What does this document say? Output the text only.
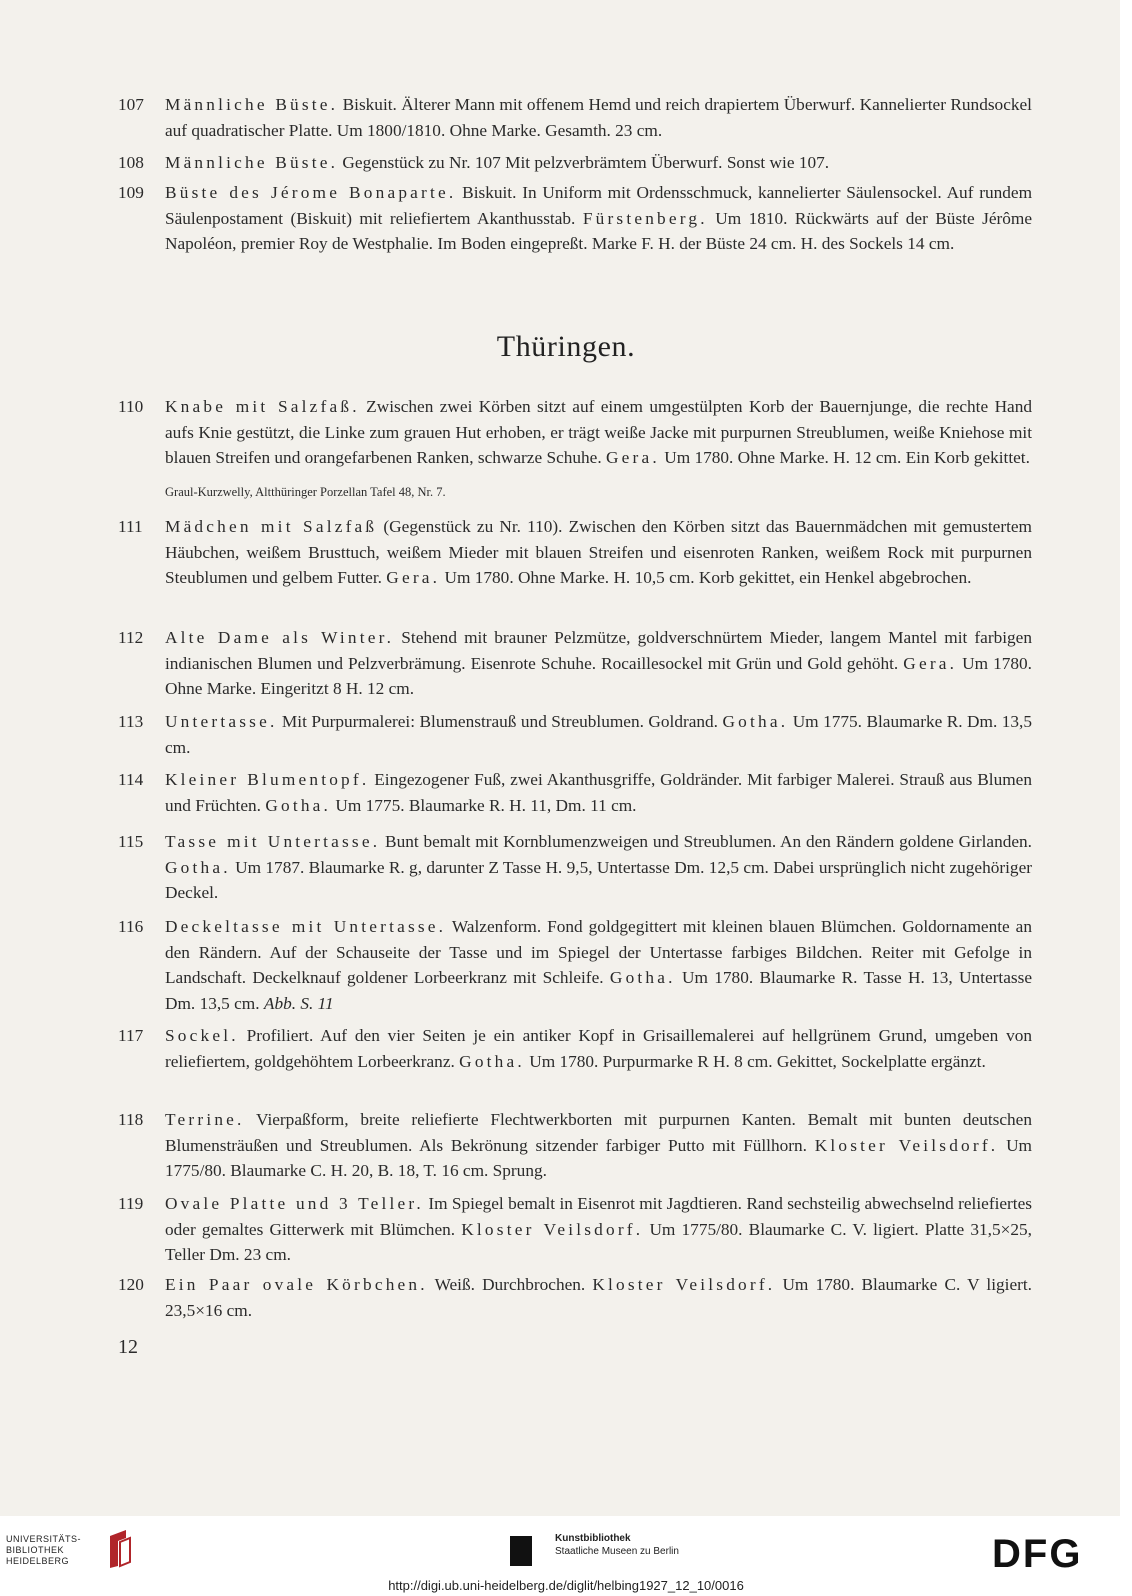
107 Männliche Büste. Biskuit. Älterer Mann mit offenem Hemd und reich drapiertem Überwurf. Kannelierter Rundsockel auf quadratischer Platte. Um 1800/1810. Ohne Marke. Gesamth. 23 cm.
108 Männliche Büste. Gegenstück zu Nr. 107 Mit pelzverbrämtem Überwurf. Sonst wie 107.
109 Büste des Jérome Bonaparte. Biskuit. In Uniform mit Ordensschmuck, kannelierter Säulensockel. Auf rundem Säulenpostament (Biskuit) mit reliefiertem Akanthusstab. Fürstenberg. Um 1810. Rückwärts auf der Büste Jérôme Napoléon, premier Roy de Westphalie. Im Boden eingepreßt. Marke F. H. der Büste 24 cm. H. des Sockels 14 cm.
Thüringen.
110 Knabe mit Salzfaß. Zwischen zwei Körben sitzt auf einem umgestülpten Korb der Bauernjunge, die rechte Hand aufs Knie gestützt, die Linke zum grauen Hut erhoben, er trägt weiße Jacke mit purpurnen Streublumen, weiße Kniehose mit blauen Streifen und orangefarbenen Ranken, schwarze Schuhe. Gera. Um 1780. Ohne Marke. H. 12 cm. Ein Korb gekittet.
Graul-Kurzwelly, Altthüringer Porzellan Tafel 48, Nr. 7.
111 Mädchen mit Salzfaß (Gegenstück zu Nr. 110). Zwischen den Körben sitzt das Bauernmädchen mit gemustertem Häubchen, weißem Brusttuch, weißem Mieder mit blauen Streifen und eisenroten Ranken, weißem Rock mit purpurnen Steublumen und gelbem Futter. Gera. Um 1780. Ohne Marke. H. 10,5 cm. Korb gekittet, ein Henkel abgebrochen.
112 Alte Dame als Winter. Stehend mit brauner Pelzmütze, goldverschnürtem Mieder, langem Mantel mit farbigen indianischen Blumen und Pelzverbrämung. Eisenrote Schuhe. Rocaillesockel mit Grün und Gold gehöht. Gera. Um 1780. Ohne Marke. Eingeritzt 8 H. 12 cm.
113 Untertasse. Mit Purpurmalerei: Blumenstrauß und Streublumen. Goldrand. Gotha. Um 1775. Blaumarke R. Dm. 13,5 cm.
114 Kleiner Blumentopf. Eingezogener Fuß, zwei Akanthusgriffe, Goldränder. Mit farbiger Malerei. Strauß aus Blumen und Früchten. Gotha. Um 1775. Blaumarke R. H. 11, Dm. 11 cm.
115 Tasse mit Untertasse. Bunt bemalt mit Kornblumenzweigen und Streublumen. An den Rändern goldene Girlanden. Gotha. Um 1787. Blaumarke R. g, darunter Z Tasse H. 9,5, Untertasse Dm. 12,5 cm. Dabei ursprünglich nicht zugehöriger Deckel.
116 Deckeltasse mit Untertasse. Walzenform. Fond goldgegittert mit kleinen blauen Blümchen. Goldornamente an den Rändern. Auf der Schauseite der Tasse und im Spiegel der Untertasse farbiges Bildchen. Reiter mit Gefolge in Landschaft. Deckelknauf goldener Lorbeerkranz mit Schleife. Gotha. Um 1780. Blaumarke R. Tasse H. 13, Untertasse Dm. 13,5 cm. Abb. S. 11
117 Sockel. Profiliert. Auf den vier Seiten je ein antiker Kopf in Grisaillemalerei auf hellgrünem Grund, umgeben von reliefiertem, goldgehöhtem Lorbeerkranz. Gotha. Um 1780. Purpurmarke R H. 8 cm. Gekittet, Sockelplatte ergänzt.
118 Terrine. Vierpaßform, breite reliefierte Flechtwerkborten mit purpurnen Kanten. Bemalt mit bunten deutschen Blumensträußen und Streublumen. Als Bekrönung sitzender farbiger Putto mit Füllhorn. Kloster Veilsdorf. Um 1775/80. Blaumarke C. H. 20, B. 18, T. 16 cm. Sprung.
119 Ovale Platte und 3 Teller. Im Spiegel bemalt in Eisenrot mit Jagdtieren. Rand sechsteilig abwechselnd reliefiertes oder gemaltes Gitterwerk mit Blümchen. Kloster Veilsdorf. Um 1775/80. Blaumarke C. V. ligiert. Platte 31,5×25, Teller Dm. 23 cm.
120 Ein Paar ovale Körbchen. Weiß. Durchbrochen. Kloster Veilsdorf. Um 1780. Blaumarke C. V ligiert. 23,5×16 cm.
12
UNIVERSITÄTS-
BIBLIOTHEK
HEIDELBERG
Kunstbibliothek
Staatliche Museen zu Berlin	DFG
http://digi.ub.uni-heidelberg.de/diglit/helbing1927_12_10/0016
